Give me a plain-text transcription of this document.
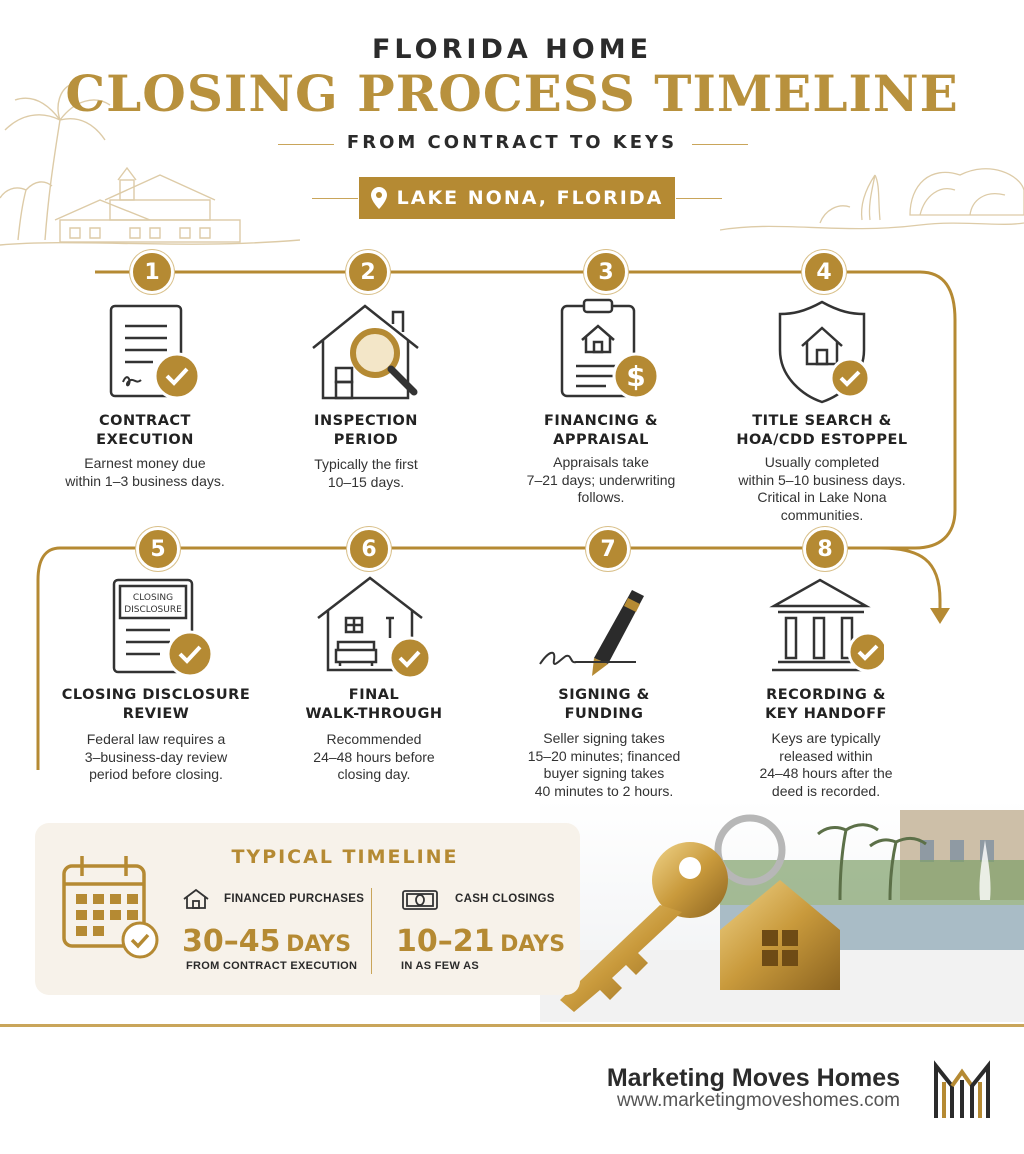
FLORIDA HOME
CLOSING PROCESS TIMELINE
FROM CONTRACT TO KEYS
LAKE NONA, FLORIDA
1	2	3	4
5	6	7	8
$
CLOSING
DISCLOSURE
CONTRACT
EXECUTION
INSPECTION
PERIOD
FINANCING &
APPRAISAL
TITLE SEARCH &
HOA/CDD ESTOPPEL
CLOSING DISCLOSURE
REVIEW
FINAL
WALK-THROUGH
SIGNING &
FUNDING
RECORDING &
KEY HANDOFF
Earnest money due
within 1–3 business days.
Typically the first
10–15 days.
Appraisals take
7–21 days; underwriting
follows.
Usually completed
within 5–10 business days.
Critical in Lake Nona
communities.
Federal law requires a
3–business-day review
period before closing.
Recommended
24–48 hours before
closing day.
Seller signing takes
15–20 minutes; financed
buyer signing takes
40 minutes to 2 hours.
Keys are typically
released within
24–48 hours after the
deed is recorded.
TYPICAL TIMELINE
FINANCED PURCHASES
30–45 DAYS
FROM CONTRACT EXECUTION
CASH CLOSINGS
10–21 DAYS
IN AS FEW AS
Marketing Moves Homes
www.marketingmoveshomes.com
